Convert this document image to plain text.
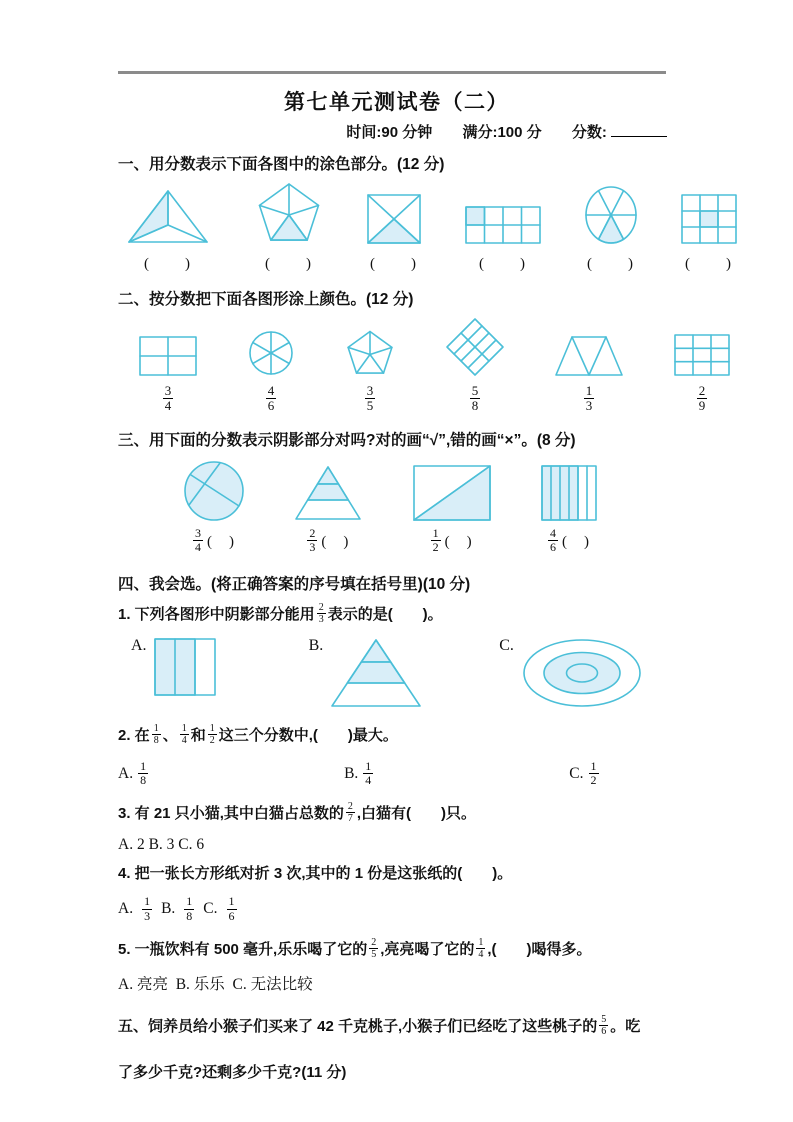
第七单元测试卷（二）
时间:90 分钟 满分:100 分 分数:
一、用分数表示下面各图中的涂色部分。(12 分)
(　　)	(　　)	(　　)	(　　)	(　　)	(　　)
二、按分数把下面各图形涂上颜色。(12 分)
$\frac{3}{4}$	$\frac{4}{6}$	$\frac{3}{5}$	$\frac{5}{8}$	$\frac{1}{3}$	$\frac{2}{9}$
三、用下面的分数表示阴影部分对吗?对的画“√”,错的画“×”。(8 分)
$\frac{3}{4}$ (　)	$\frac{2}{3}$ (　)	$\frac{1}{2}$ (　)	$\frac{4}{6}$ (　)
四、我会选。(将正确答案的序号填在括号里)(10 分)
1. 下列各图形中阴影部分能用 $\frac{2}{3}$ 表示的是(　　)。
A.	B.	C.
2. 在 $\frac{1}{8}$ 、 $\frac{1}{4}$ 和 $\frac{1}{2}$ 这三个分数中,(　　)最大。
A. $\frac{1}{8}$	B. $\frac{1}{4}$	C. $\frac{1}{2}$
3. 有 21 只小猫,其中白猫占总数的 $\frac{2}{7}$ ,白猫有(　　)只。
A. 2 B. 3 C. 6
4. 把一张长方形纸对折 3 次,其中的 1 份是这张纸的(　　)。
A. $\frac{1}{3} B$. $\frac{1}{8} C$. $\frac{1}{6}$
5. 一瓶饮料有 500 毫升,乐乐喝了它的 $\frac{2}{5}$ ,亮亮喝了它的 $\frac{1}{4}$ ,(　　)喝得多。
A. 亮亮  B. 乐乐  C. 无法比较
五、饲养员给小猴子们买来了 42 千克桃子,小猴子们已经吃了这些桃子的 $\frac{5}{6}$ 。吃
了多少千克?还剩多少千克?(11 分)
